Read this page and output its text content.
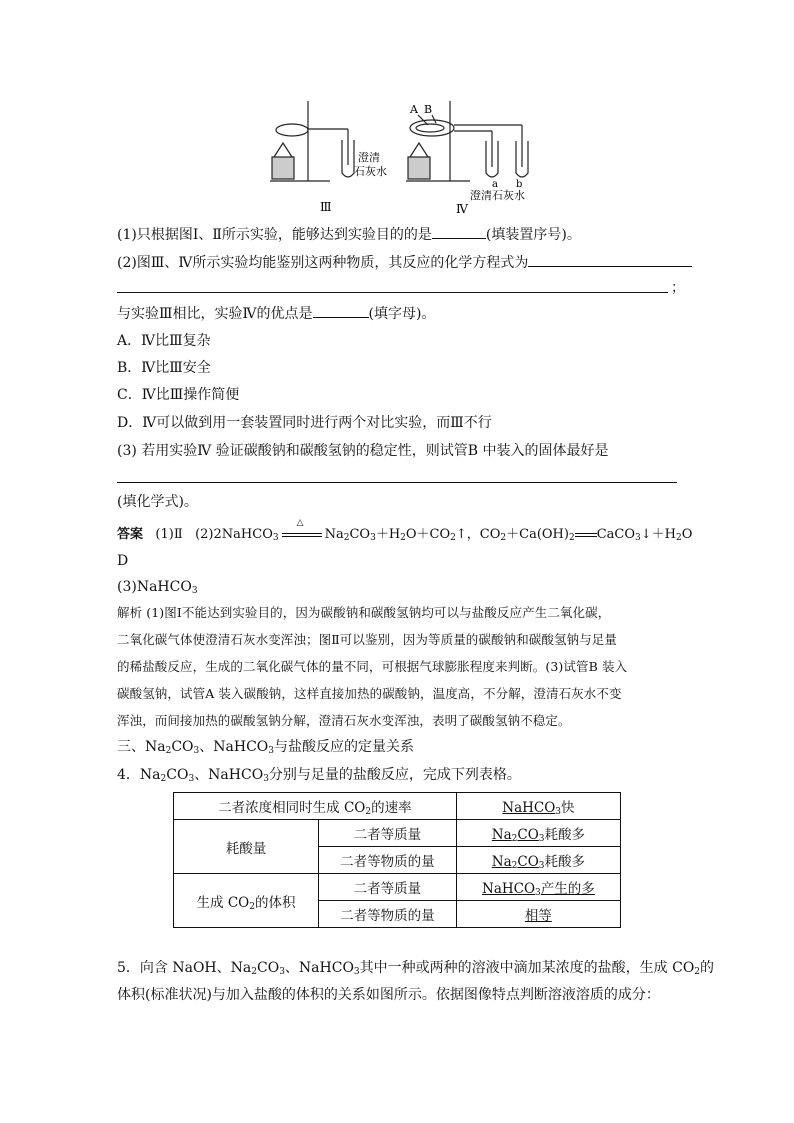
A B
澄清
石灰水
Ⅲ
a b
澄清石灰水
Ⅳ
(1)只根据图Ⅰ、Ⅱ所示实验，能够达到实验目的的是	(填装置序号)。
(2)图Ⅲ、Ⅳ所示实验均能鉴别这两种物质，其反应的化学方程式为
；
与实验Ⅲ相比，实验Ⅳ的优点是	(填字母)。
A．Ⅳ比Ⅲ复杂
B．Ⅳ比Ⅲ安全
C．Ⅳ比Ⅲ操作简便
D．Ⅳ可以做到用一套装置同时进行两个对比实验，而Ⅲ不行
(3) 若用实验Ⅳ 验证碳酸钠和碳酸氢钠的稳定性，则试管B 中装入的固体最好是
(填化学式)。
答案 (1)Ⅱ (2)2NaHCO$_3$
△
$Na_2CO_3+H_2O+CO_2↑$，$CO_2+Ca(OH)_2$ $CaCO_3↓+H_2O$
D
(3)NaHCO$_3$
解析 (1)图Ⅰ不能达到实验目的，因为碳酸钠和碳酸氢钠均可以与盐酸反应产生二氧化碳，
二氧化碳气体使澄清石灰水变浑浊；图Ⅱ可以鉴别，因为等质量的碳酸钠和碳酸氢钠与足量
的稀盐酸反应，生成的二氧化碳气体的量不同，可根据气球膨胀程度来判断。(3)试管B 装入
碳酸氢钠，试管A 装入碳酸钠，这样直接加热的碳酸钠，温度高，不分解，澄清石灰水不变
浑浊，而间接加热的碳酸氢钠分解，澄清石灰水变浑浊，表明了碳酸氢钠不稳定。
三、$Na_2CO_3$、NaHCO$_3$与盐酸反应的定量关系
4．$Na_2CO_3$、NaHCO$_3$分别与足量的盐酸反应，完成下列表格。
二者浓度相同时生成 $CO_2$的速率		NaHCO$_3$快
耗酸量	二者等质量	$Na_2CO_3$耗酸多
	二者等物质的量	$Na_2CO_3$耗酸多
生成 $CO_2$的体积	二者等质量	NaHCO$_3$产生的多
	二者等物质的量	相等
5．向含 NaOH、$Na_2CO_3$、NaHCO$_3$其中一种或两种的溶液中滴加某浓度的盐酸，生成 $CO_2$的
体积(标准状况)与加入盐酸的体积的关系如图所示。依据图像特点判断溶液溶质的成分：
